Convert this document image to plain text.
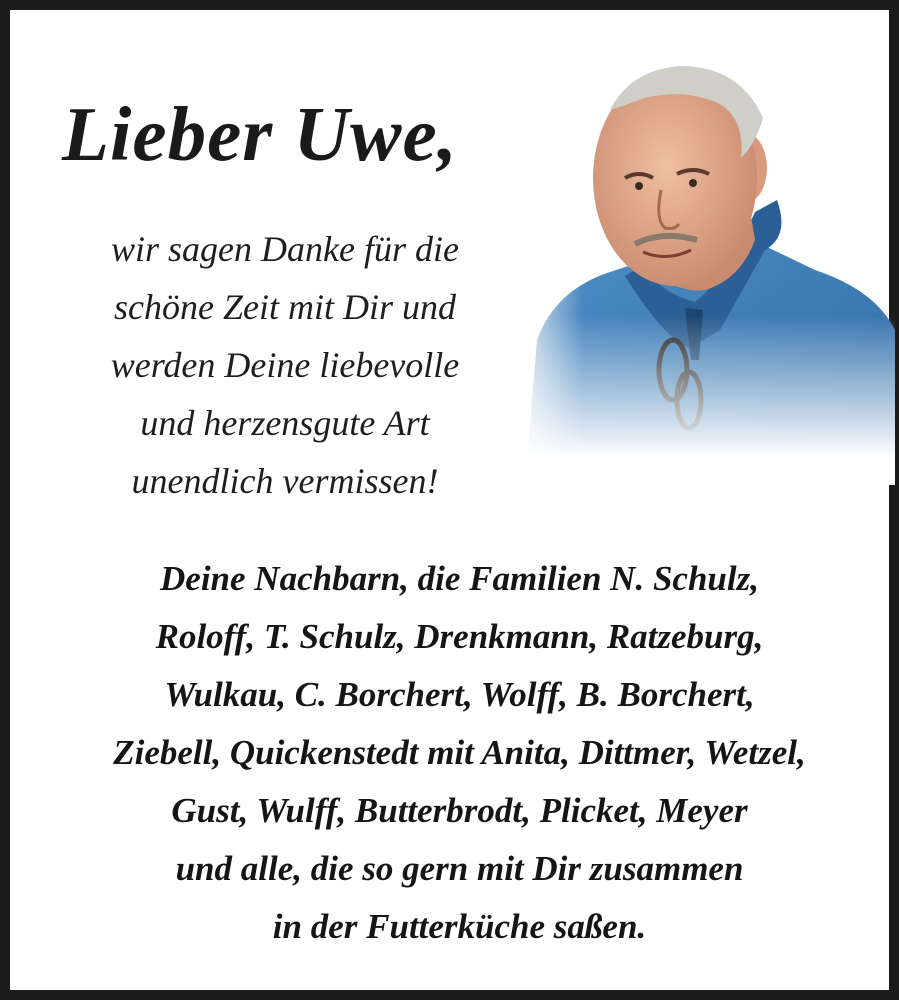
Lieber Uwe,
wir sagen Danke für die
schöne Zeit mit Dir und
werden Deine liebevolle
und herzensgute Art
unendlich vermissen!
Deine Nachbarn, die Familien N. Schulz,
Roloff, T. Schulz, Drenkmann, Ratzeburg,
Wulkau, C. Borchert, Wolff, B. Borchert,
Ziebell, Quickenstedt mit Anita, Dittmer, Wetzel,
Gust, Wulff, Butterbrodt, Plicket, Meyer
und alle, die so gern mit Dir zusammen
in der Futterküche saßen.
